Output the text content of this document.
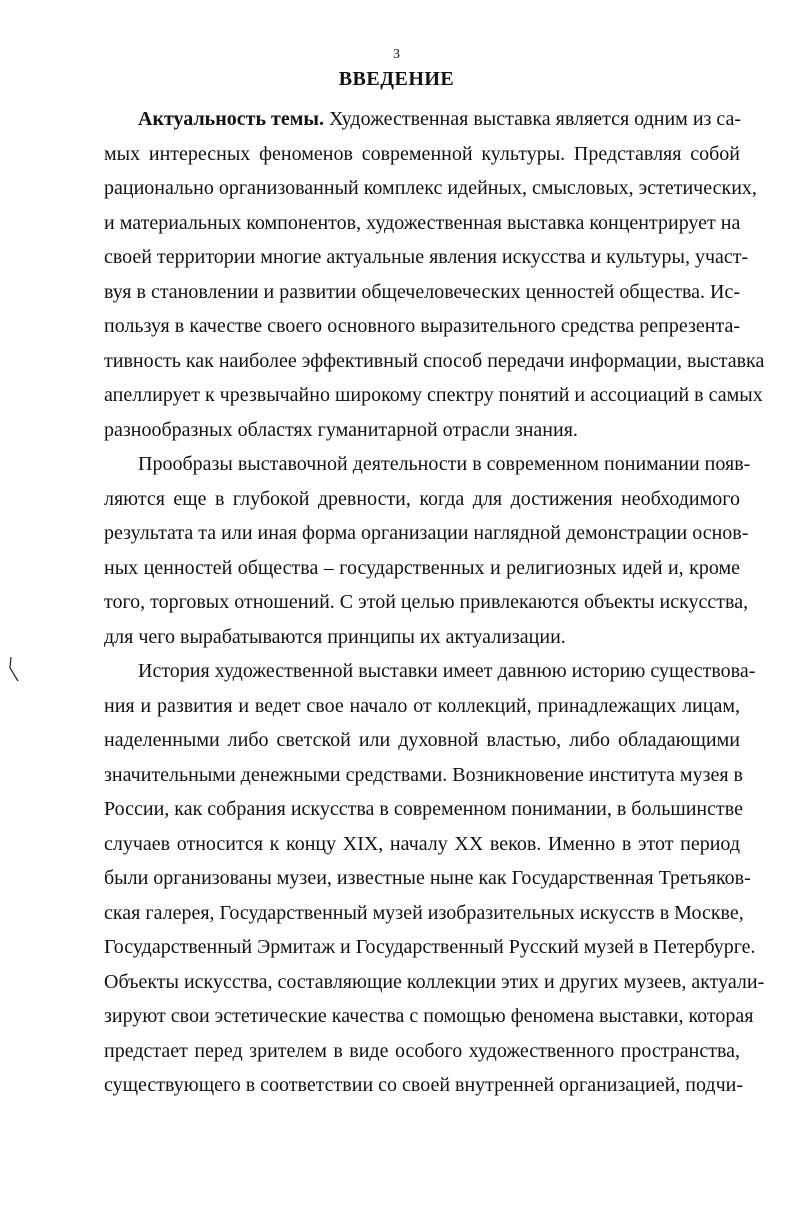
3
ВВЕДЕНИЕ
Актуальность темы. Художественная выставка является одним из са-
мых интересных феноменов современной культуры. Представляя собой
рационально организованный комплекс идейных, смысловых, эстетических,
и материальных компонентов, художественная выставка концентрирует на
своей территории многие актуальные явления искусства и культуры, участ-
вуя в становлении и развитии общечеловеческих ценностей общества. Ис-
пользуя в качестве своего основного выразительного средства репрезента-
тивность как наиболее эффективный способ передачи информации, выставка
апеллирует к чрезвычайно широкому спектру понятий и ассоциаций в самых
разнообразных областях гуманитарной отрасли знания.
Прообразы выставочной деятельности в современном понимании появ-
ляются еще в глубокой древности, когда для достижения необходимого
результата та или иная форма организации наглядной демонстрации основ-
ных ценностей общества – государственных и религиозных идей и, кроме
того, торговых отношений. С этой целью привлекаются объекты искусства,
для чего вырабатываются принципы их актуализации.
История художественной выставки имеет давнюю историю существова-
ния и развития и ведет свое начало от коллекций, принадлежащих лицам,
наделенными либо светской или духовной властью, либо обладающими
значительными денежными средствами. Возникновение института музея в
России, как собрания искусства в современном понимании, в большинстве
случаев относится к концу XIX, началу XX веков. Именно в этот период
были организованы музеи, известные ныне как Государственная Третьяков-
ская галерея, Государственный музей изобразительных искусств в Москве,
Государственный Эрмитаж и Государственный Русский музей в Петербурге.
Объекты искусства, составляющие коллекции этих и других музеев, актуали-
зируют свои эстетические качества с помощью феномена выставки, которая
предстает перед зрителем в виде особого художественного пространства,
существующего в соответствии со своей внутренней организацией, подчи-
